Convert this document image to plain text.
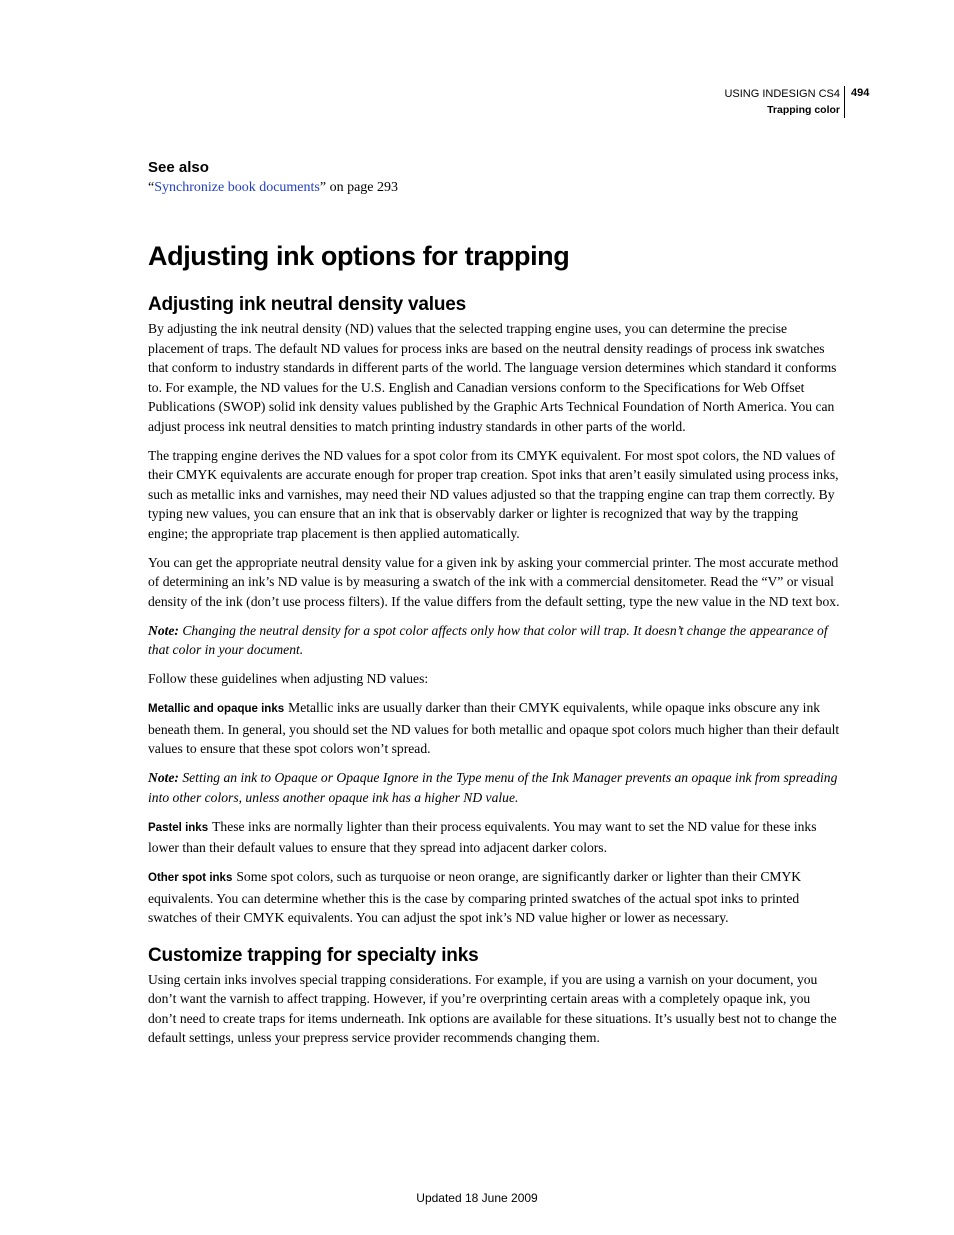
USING INDESIGN CS4
Trapping color
494

See also

“Synchronize book documents” on page 293

Adjusting ink options for trapping
Adjusting ink neutral density values

By adjusting the ink neutral density (ND) values that the selected trapping engine uses, you can determine the precise placement of traps. The default ND values for process inks are based on the neutral density readings of process ink swatches that conform to industry standards in different parts of the world. The language version determines which standard it conforms to. For example, the ND values for the U.S. English and Canadian versions conform to the Specifications for Web Offset Publications (SWOP) solid ink density values published by the Graphic Arts Technical Foundation of North America. You can adjust process ink neutral densities to match printing industry standards in other parts of the world.

The trapping engine derives the ND values for a spot color from its CMYK equivalent. For most spot colors, the ND values of their CMYK equivalents are accurate enough for proper trap creation. Spot inks that aren’t easily simulated using process inks, such as metallic inks and varnishes, may need their ND values adjusted so that the trapping engine can trap them correctly. By typing new values, you can ensure that an ink that is observably darker or lighter is recognized that way by the trapping engine; the appropriate trap placement is then applied automatically.

You can get the appropriate neutral density value for a given ink by asking your commercial printer. The most accurate method of determining an ink’s ND value is by measuring a swatch of the ink with a commercial densitometer. Read the “V” or visual density of the ink (don’t use process filters). If the value differs from the default setting, type the new value in the ND text box.

Note: Changing the neutral density for a spot color affects only how that color will trap. It doesn’t change the appearance of that color in your document.

Follow these guidelines when adjusting ND values:

Metallic and opaque inks Metallic inks are usually darker than their CMYK equivalents, while opaque inks obscure any ink beneath them. In general, you should set the ND values for both metallic and opaque spot colors much higher than their default values to ensure that these spot colors won’t spread.

Note: Setting an ink to Opaque or Opaque Ignore in the Type menu of the Ink Manager prevents an opaque ink from spreading into other colors, unless another opaque ink has a higher ND value.

Pastel inks These inks are normally lighter than their process equivalents. You may want to set the ND value for these inks lower than their default values to ensure that they spread into adjacent darker colors.

Other spot inks Some spot colors, such as turquoise or neon orange, are significantly darker or lighter than their CMYK equivalents. You can determine whether this is the case by comparing printed swatches of the actual spot inks to printed swatches of their CMYK equivalents. You can adjust the spot ink’s ND value higher or lower as necessary.

Customize trapping for specialty inks

Using certain inks involves special trapping considerations. For example, if you are using a varnish on your document, you don’t want the varnish to affect trapping. However, if you’re overprinting certain areas with a completely opaque ink, you don’t need to create traps for items underneath. Ink options are available for these situations. It’s usually best not to change the default settings, unless your prepress service provider recommends changing them.

Updated 18 June 2009
